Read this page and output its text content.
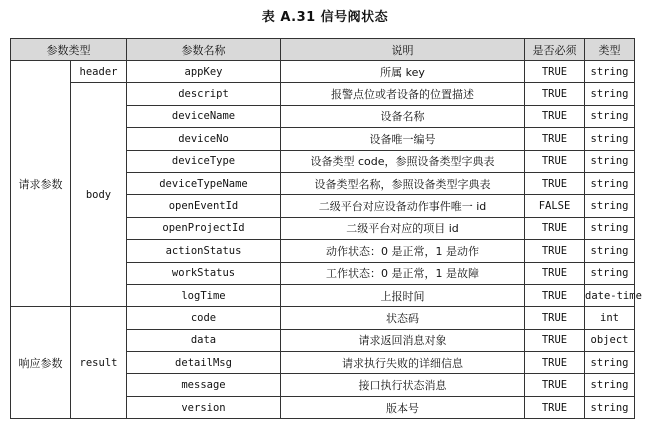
表 A.31 信号阀状态
参数类型		参数名称	说明	是否必须	类型
请求参数	header	appKey	所属 key	TRUE	string
	body	descript	报警点位或者设备的位置描述	TRUE	string
		deviceName	设备名称	TRUE	string
		deviceNo	设备唯一编号	TRUE	string
		deviceType	设备类型 code，参照设备类型字典表	TRUE	string
		deviceTypeName	设备类型名称，参照设备类型字典表	TRUE	string
		openEventId	二级平台对应设备动作事件唯一 id	FALSE	string
		openProjectId	二级平台对应的项目 id	TRUE	string
		actionStatus	动作状态：0 是正常，1 是动作	TRUE	string
		workStatus	工作状态：0 是正常，1 是故障	TRUE	string
		logTime	上报时间	TRUE	date-time
响应参数	result	code	状态码	TRUE	int
		data	请求返回消息对象	TRUE	object
		detailMsg	请求执行失败的详细信息	TRUE	string
		message	接口执行状态消息	TRUE	string
		version	版本号	TRUE	string
